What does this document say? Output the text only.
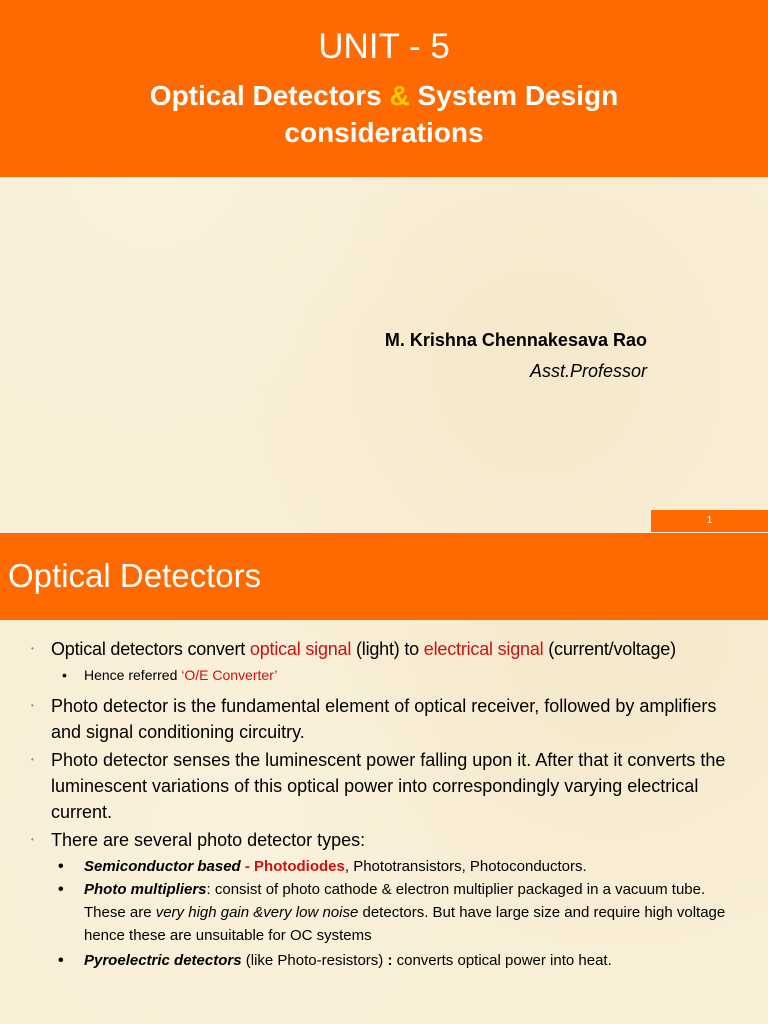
UNIT - 5
Optical Detectors & System Design
considerations
M. Krishna Chennakesava Rao
Asst.Professor
1
Optical Detectors
• Optical detectors convert optical signal (light) to electrical signal (current/voltage)
• Hence referred ‘O/E Converter’
• Photo detector is the fundamental element of optical receiver, followed by amplifiers and signal conditioning circuitry.
• Photo detector senses the luminescent power falling upon it. After that it converts the luminescent variations of this optical power into correspondingly varying electrical current.
• There are several photo detector types:
• Semiconductor based - Photodiodes, Phototransistors, Photoconductors.
• Photo multipliers: consist of photo cathode & electron multiplier packaged in a vacuum tube. These are very high gain &very low noise detectors. But have large size and require high voltage hence these are unsuitable for OC systems
• Pyroelectric detectors (like Photo-resistors) : converts optical power into heat.
